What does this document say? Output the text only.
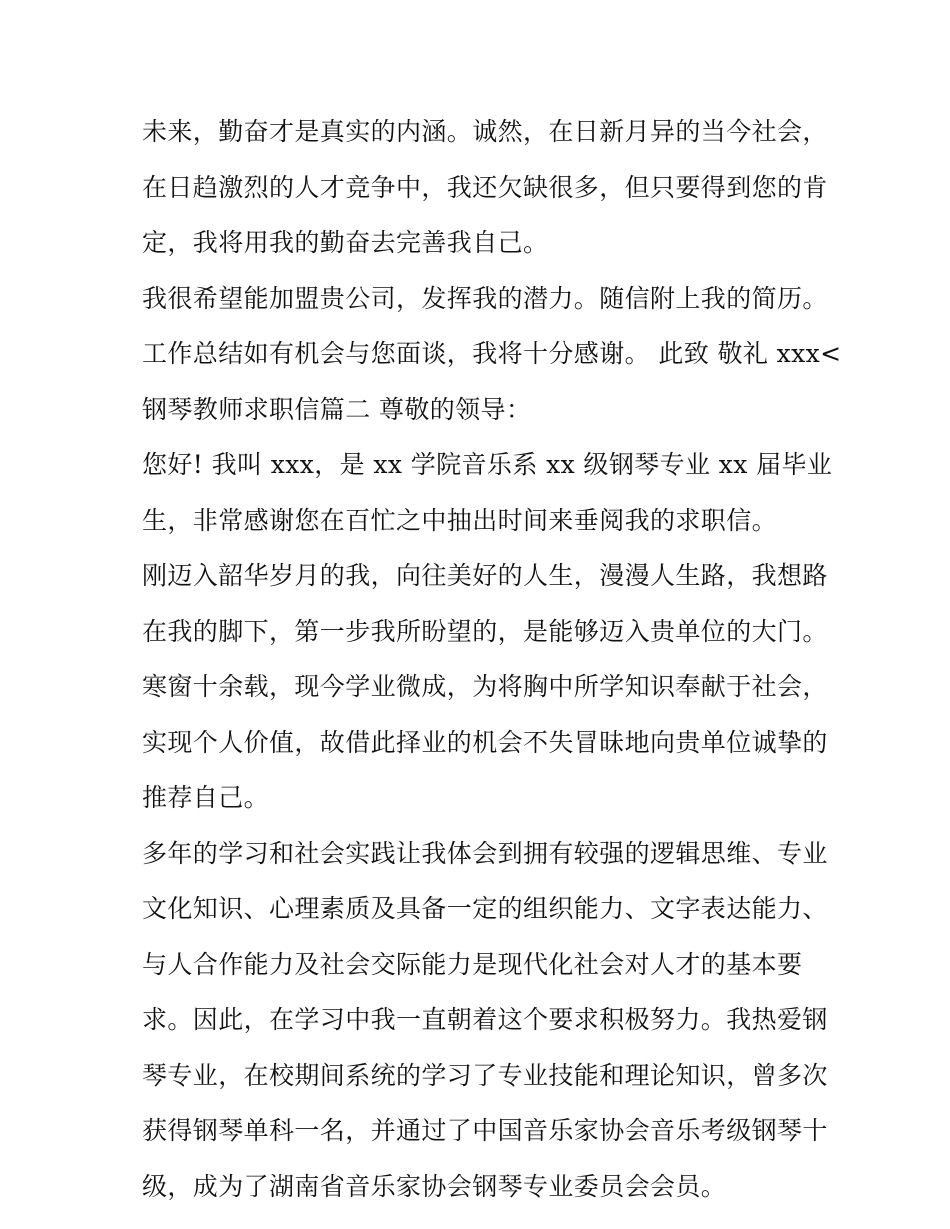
未来，勤奋才是真实的内涵。诚然，在日新月异的当今社会，
在日趋激烈的人才竞争中，我还欠缺很多，但只要得到您的肯
定，我将用我的勤奋去完善我自己。
我很希望能加盟贵公司，发挥我的潜力。随信附上我的简历。
工作总结如有机会与您面谈，我将十分感谢。 此致 敬礼 xxx<
钢琴教师求职信篇二 尊敬的领导：
您好! 我叫 xxx，是 xx 学院音乐系 xx 级钢琴专业 xx 届毕业
生，非常感谢您在百忙之中抽出时间来垂阅我的求职信。
刚迈入韶华岁月的我，向往美好的人生，漫漫人生路，我想路
在我的脚下，第一步我所盼望的，是能够迈入贵单位的大门。
寒窗十余载，现今学业微成，为将胸中所学知识奉献于社会，
实现个人价值，故借此择业的机会不失冒昧地向贵单位诚挚的
推荐自己。
多年的学习和社会实践让我体会到拥有较强的逻辑思维、专业
文化知识、心理素质及具备一定的组织能力、文字表达能力、
与人合作能力及社会交际能力是现代化社会对人才的基本要
求。因此，在学习中我一直朝着这个要求积极努力。我热爱钢
琴专业，在校期间系统的学习了专业技能和理论知识，曾多次
获得钢琴单科一名，并通过了中国音乐家协会音乐考级钢琴十
级，成为了湖南省音乐家协会钢琴专业委员会会员。
